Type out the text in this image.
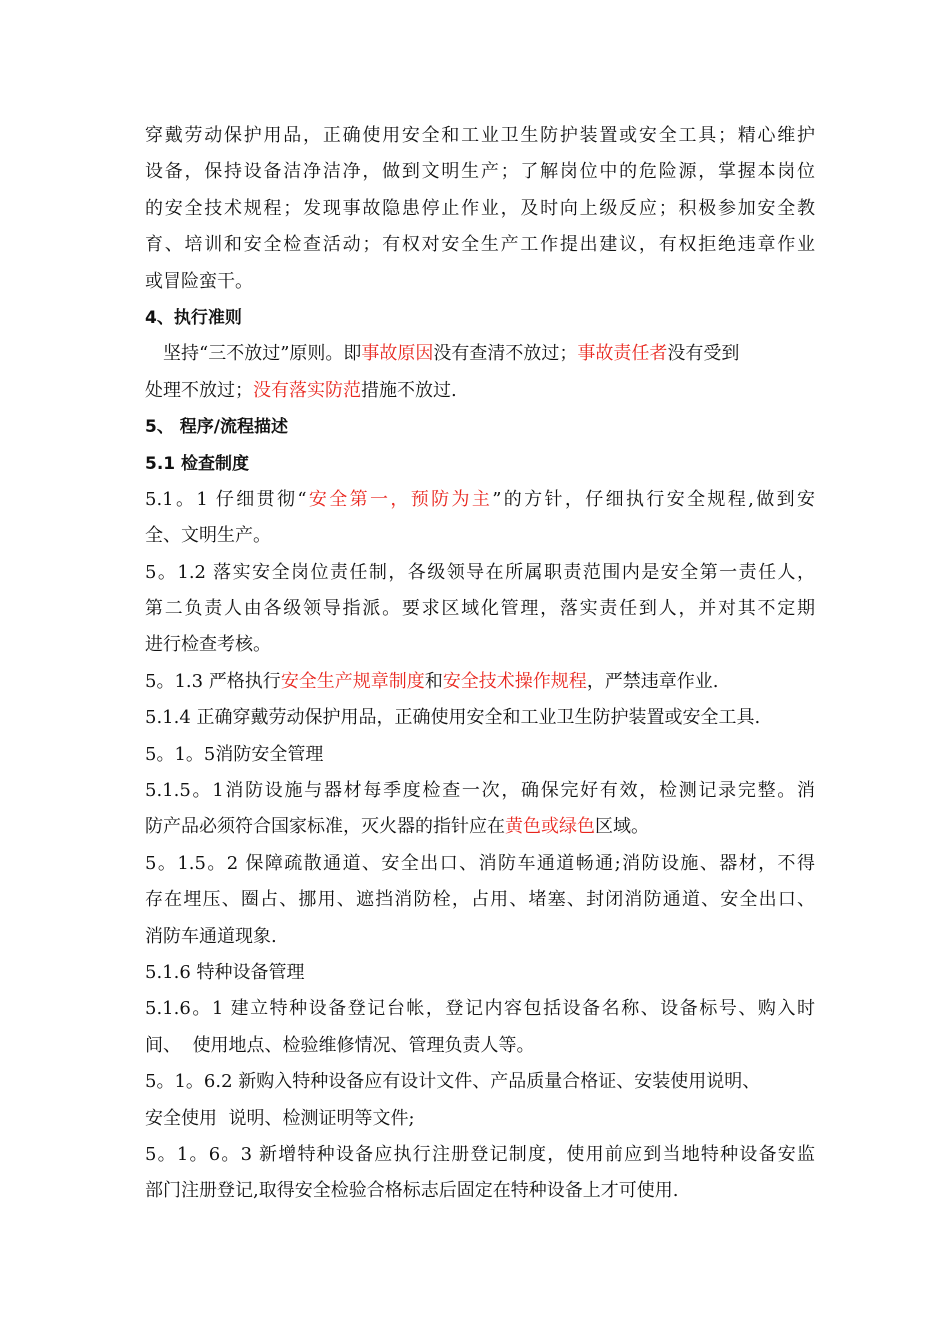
穿戴劳动保护用品，正确使用安全和工业卫生防护装置或安全工具；精心维护
设备，保持设备洁净洁净，做到文明生产；了解岗位中的危险源，掌握本岗位
的安全技术规程；发现事故隐患停止作业，及时向上级反应；积极参加安全教
育、培训和安全检查活动；有权对安全生产工作提出建议，有权拒绝违章作业
或冒险蛮干。
4、执行准则
坚持“三不放过”原则。即事故原因没有查清不放过；事故责任者没有受到
处理不放过；没有落实防范措施不放过.
5、 程序/流程描述
5.1 检查制度
5.1。1 仔细贯彻“安全第一，预防为主”的方针，仔细执行安全规程,做到安
全、文明生产。
5。1.2 落实安全岗位责任制，各级领导在所属职责范围内是安全第一责任人，
第二负责人由各级领导指派。要求区域化管理，落实责任到人，并对其不定期
进行检查考核。
5。1.3 严格执行安全生产规章制度和安全技术操作规程，严禁违章作业.
5.1.4 正确穿戴劳动保护用品，正确使用安全和工业卫生防护装置或安全工具.
5。1。5消防安全管理
5.1.5。1消防设施与器材每季度检查一次，确保完好有效，检测记录完整。消
防产品必须符合国家标准，灭火器的指针应在黄色或绿色区域。
5。1.5。2 保障疏散通道、安全出口、消防车通道畅通;消防设施、器材，不得
存在埋压、圈占、挪用、遮挡消防栓，占用、堵塞、封闭消防通道、安全出口、
消防车通道现象.
5.1.6 特种设备管理
5.1.6。1 建立特种设备登记台帐，登记内容包括设备名称、设备标号、购入时
间、  使用地点、检验维修情况、管理负责人等。
5。1。6.2 新购入特种设备应有设计文件、产品质量合格证、安装使用说明、
安全使用  说明、检测证明等文件;
5。1。6。3 新增特种设备应执行注册登记制度，使用前应到当地特种设备安监
部门注册登记,取得安全检验合格标志后固定在特种设备上才可使用.
